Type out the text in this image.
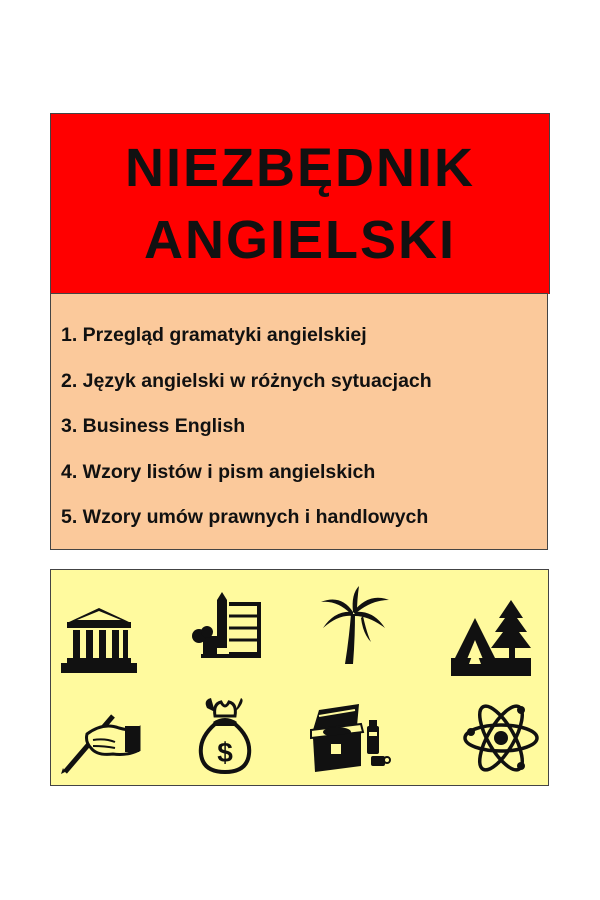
NIEZBĘDNIK
ANGIELSKI
1. Przegląd gramatyki angielskiej
2. Język angielski w różnych sytuacjach
3. Business English
4. Wzory listów i pism angielskich
5. Wzory umów prawnych i handlowych
$
